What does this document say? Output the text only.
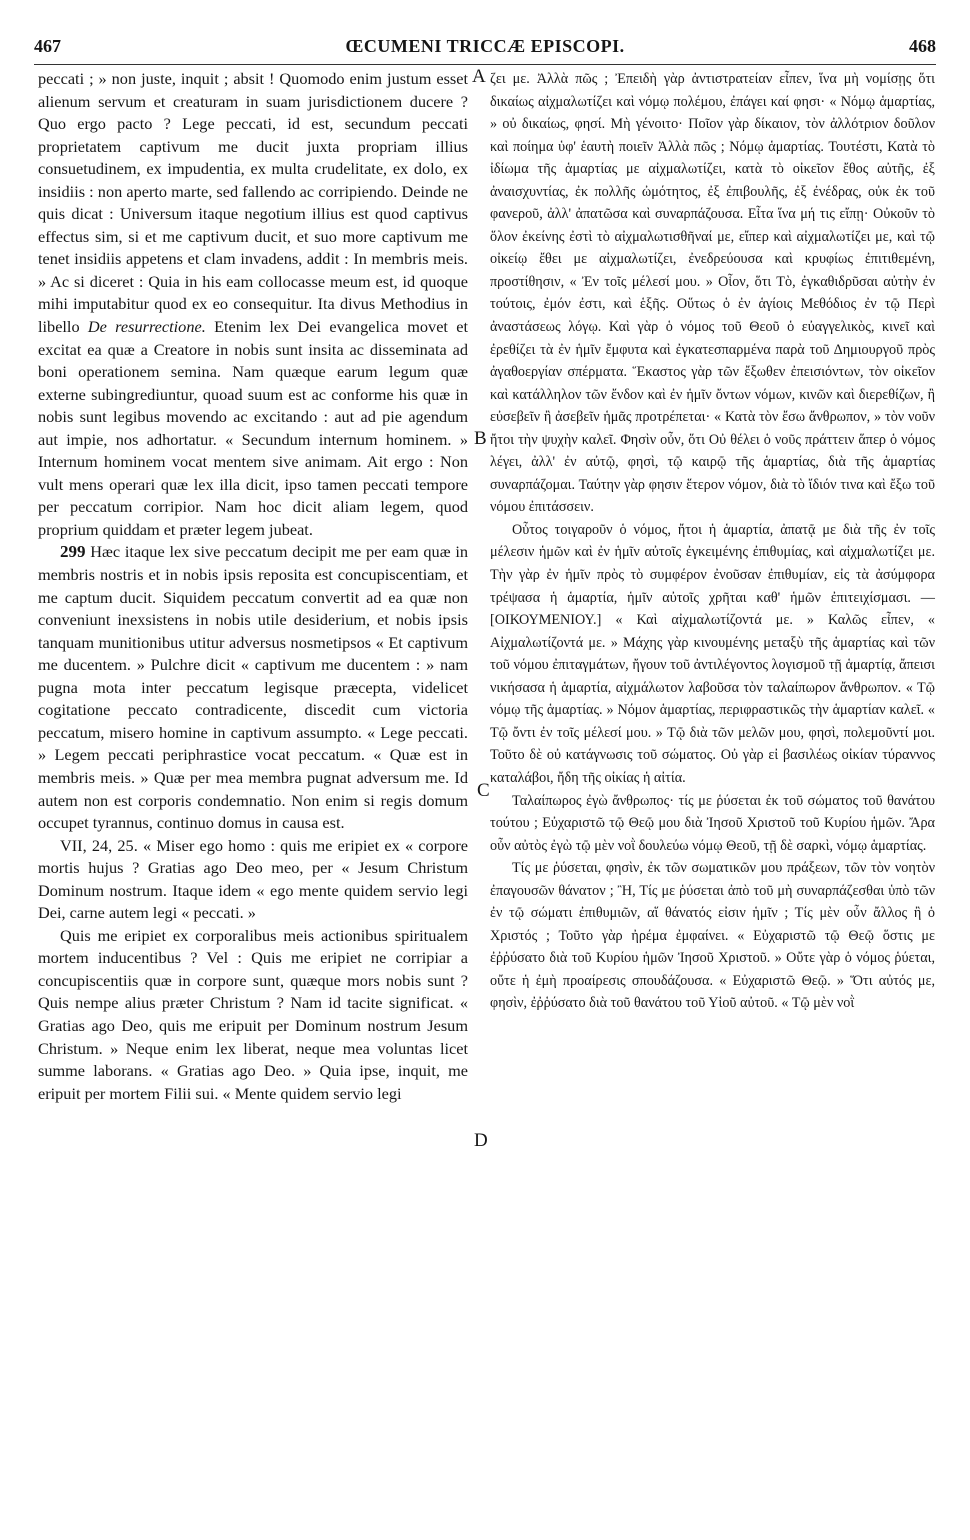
467	ŒCUMENI TRICCÆ EPISCOPI.	468

peccati ; » non juste, inquit ; absit ! Quomodo enim justum esset alienum servum et creaturam in suam jurisdictionem ducere ? Quo ergo pacto ? Lege peccati, id est, secundum peccati proprietatem captivum me ducit juxta propriam illius consuetudinem, ex impudentia, ex multa crudelitate, ex dolo, ex insidiis : non aperto marte, sed fallendo ac corripiendo. Deinde ne quis dicat : Universum itaque negotium illius est quod captivus effectus sim, si et me captivum ducit, et suo more captivum me tenet insidiis appetens et clam invadens, addit : In membris meis. » Ac si diceret : Quia in his eam collocasse meum est, id quoque mihi imputabitur quod ex eo consequitur. Ita divus Methodius in libello De resurrectione. Etenim lex Dei evangelica movet et excitat ea quæ a Creatore in nobis sunt insita ac disseminata ad boni operationem semina. Nam quæque earum legum quæ externe subingrediuntur, quoad suum est ac conforme his quæ in nobis sunt legibus movendo ac excitando : aut ad pie agendum aut impie, nos adhortatur. « Secundum internum hominem. » Internum hominem vocat mentem sive animam. Ait ergo : Non vult mens operari quæ lex illa dicit, ipso tamen peccati tempore per peccatum corripior. Nam hoc dicit aliam legem, quod proprium quiddam et præter legem jubeat.

299 Hæc itaque lex sive peccatum decipit me per eam quæ in membris nostris et in nobis ipsis reposita est concupiscentiam, et me captum ducit. Siquidem peccatum convertit ad ea quæ non conveniunt inexsistens in nobis utile desiderium, et nobis ipsis tanquam munitionibus utitur adversus nosmetipsos « Et captivum me ducentem. » Pulchre dicit « captivum me ducentem : » nam pugna mota inter peccatum legisque præcepta, videlicet cogitatione peccato contradicente, discedit cum victoria peccatum, misero homine in captivum assumpto. « Lege peccati. » Legem peccati periphrastice vocat peccatum. « Quæ est in membris meis. » Quæ per mea membra pugnat adversum me. Id autem non est corporis condemnatio. Non enim si regis domum occupet tyrannus, continuo domus in causa est.

VII, 24, 25. « Miser ego homo : quis me eripiet ex « corpore mortis hujus ? Gratias ago Deo meo, per « Jesum Christum Dominum nostrum. Itaque idem « ego mente quidem servio legi Dei, carne autem legi « peccati. »

Quis me eripiet ex corporalibus meis actionibus spiritualem mortem inducentibus ? Vel : Quis me eripiet ne corripiar a concupiscentiis quæ in corpore sunt, quæque mors nobis sunt ? Quis nempe alius præter Christum ? Nam id tacite significat. « Gratias ago Deo, quis me eripuit per Dominum nostrum Jesum Christum. » Neque enim lex liberat, neque mea voluntas licet summe laborans. « Gratias ago Deo. » Quia ipse, inquit, me eripuit per mortem Filii sui. « Mente quidem servio legi

A
B
C
D

ζει με. Ἀλλὰ πῶς ; Ἐπειδὴ γὰρ ἀντιστρατείαν εἶπεν, ἵνα μὴ νομίσῃς ὅτι δικαίως αἰχμαλωτίζει καὶ νόμῳ πολέμου, ἐπάγει καί φησι· « Νόμῳ ἁμαρτίας, » οὐ δικαίως, φησί. Μὴ γένοιτο· Ποῖον γὰρ δίκαιον, τὸν ἀλλότριον δοῦλον καὶ ποίημα ὑφ' ἑαυτὴ ποιεῖν Ἀλλὰ πῶς ; Νόμῳ ἁμαρτίας. Τουτέστι, Κατὰ τὸ ἰδίωμα τῆς ἁμαρτίας με αἰχμαλωτίζει, κατὰ τὸ οἰκεῖον ἔθος αὐτῆς, ἐξ ἀναισχυντίας, ἐκ πολλῆς ὠμότητος, ἐξ ἐπιβουλῆς, ἐξ ἐνέδρας, οὐκ ἐκ τοῦ φανεροῦ, ἀλλ' ἀπατῶσα καὶ συναρπάζουσα. Εἶτα ἵνα μή τις εἴπῃ· Οὐκοῦν τὸ ὅλον ἐκείνης ἐστὶ τὸ αἰχμαλωτισθῆναί με, εἴπερ καὶ αἰχμαλωτίζει με, καὶ τῷ οἰκείῳ ἔθει με αἰχμαλωτίζει, ἐνεδρεύουσα καὶ κρυφίως ἐπιτιθεμένη, προστίθησιν, « Ἐν τοῖς μέλεσί μου. » Οἷον, ὅτι Τὸ, ἐγκαθιδρῦσαι αὐτὴν ἐν τούτοις, ἐμόν ἐστι, καὶ ἑξῆς. Οὕτως ὁ ἐν ἁγίοις Μεθόδιος ἐν τῷ Περὶ ἀναστάσεως λόγῳ. Καὶ γὰρ ὁ νόμος τοῦ Θεοῦ ὁ εὐαγγελικὸς, κινεῖ καὶ ἐρεθίζει τὰ ἐν ἡμῖν ἔμφυτα καὶ ἐγκατεσπαρμένα παρὰ τοῦ Δημιουργοῦ πρὸς ἀγαθοεργίαν σπέρματα. Ἕκαστος γὰρ τῶν ἔξωθεν ἐπεισιόντων, τὸν οἰκεῖον καὶ κατάλληλον τῶν ἔνδον καὶ ἐν ἡμῖν ὄντων νόμων, κινῶν καὶ διερεθίζων, ἢ εὐσεβεῖν ἢ ἀσεβεῖν ἡμᾶς προτρέπεται· « Κατὰ τὸν ἔσω ἄνθρωπον, » τὸν νοῦν ἤτοι τὴν ψυχὴν καλεῖ. Φησὶν οὖν, ὅτι Οὐ θέλει ὁ νοῦς πράττειν ἅπερ ὁ νόμος λέγει, ἀλλ' ἐν αὐτῷ, φησὶ, τῷ καιρῷ τῆς ἁμαρτίας, διὰ τῆς ἁμαρτίας συναρπάζομαι. Ταύτην γὰρ φησιν ἕτερον νόμον, διὰ τὸ ἴδιόν τινα καὶ ἔξω τοῦ νόμου ἐπιτάσσειν.

Οὗτος τοιγαροῦν ὁ νόμος, ἤτοι ἡ ἁμαρτία, ἀπατᾷ με διὰ τῆς ἐν τοῖς μέλεσιν ἡμῶν καὶ ἐν ἡμῖν αὐτοῖς ἐγκειμένης ἐπιθυμίας, καὶ αἰχμαλωτίζει με. Τὴν γὰρ ἐν ἡμῖν πρὸς τὸ συμφέρον ἐνοῦσαν ἐπιθυμίαν, εἰς τὰ ἀσύμφορα τρέψασα ἡ ἁμαρτία, ἡμῖν αὐτοῖς χρῆται καθ' ἡμῶν ἐπιτειχίσμασι. — [ΟΙΚΟΥΜΕΝΙΟΥ.] « Καὶ αἰχμαλωτίζοντά με. » Καλῶς εἶπεν, « Αἰχμαλωτίζοντά με. » Μάχης γὰρ κινουμένης μεταξὺ τῆς ἁμαρτίας καὶ τῶν τοῦ νόμου ἐπιταγμάτων, ἤγουν τοῦ ἀντιλέγοντος λογισμοῦ τῇ ἁμαρτίᾳ, ἄπεισι νικήσασα ἡ ἁμαρτία, αἰχμάλωτον λαβοῦσα τὸν ταλαίπωρον ἄνθρωπον. « Τῷ νόμῳ τῆς ἁμαρτίας. » Νόμον ἁμαρτίας, περιφραστικῶς τὴν ἁμαρτίαν καλεῖ. « Τῷ ὄντι ἐν τοῖς μέλεσί μου. » Τῷ διὰ τῶν μελῶν μου, φησὶ, πολεμοῦντί μοι. Τοῦτο δὲ οὐ κατάγνωσις τοῦ σώματος. Οὐ γὰρ εἰ βασιλέως οἰκίαν τύραννος καταλάβοι, ἤδη τῆς οἰκίας ἡ αἰτία.

Ταλαίπωρος ἐγὼ ἄνθρωπος· τίς με ῥύσεται ἐκ τοῦ σώματος τοῦ θανάτου τούτου ; Εὐχαριστῶ τῷ Θεῷ μου διὰ Ἰησοῦ Χριστοῦ τοῦ Κυρίου ἡμῶν. Ἄρα οὖν αὐτὸς ἐγὼ τῷ μὲν νοῒ δουλεύω νόμῳ Θεοῦ, τῇ δὲ σαρκὶ, νόμῳ ἁμαρτίας.

Τίς με ῥύσεται, φησὶν, ἐκ τῶν σωματικῶν μου πράξεων, τῶν τὸν νοητὸν ἐπαγουσῶν θάνατον ; Ἢ, Τίς με ῥύσεται ἀπὸ τοῦ μὴ συναρπάζεσθαι ὑπὸ τῶν ἐν τῷ σώματι ἐπιθυμιῶν, αἵ θάνατός εἰσιν ἡμῖν ; Τίς μὲν οὖν ἄλλος ἢ ὁ Χριστός ; Τοῦτο γὰρ ἠρέμα ἐμφαίνει. « Εὐχαριστῶ τῷ Θεῷ ὅστις με ἐῤῥύσατο διὰ τοῦ Κυρίου ἡμῶν Ἰησοῦ Χριστοῦ. » Οὔτε γὰρ ὁ νόμος ῥύεται, οὔτε ἡ ἐμὴ προαίρεσις σπουδάζουσα. « Εὐχαριστῶ Θεῷ. » Ὅτι αὐτός με, φησὶν, ἐῤῥύσατο διὰ τοῦ θανάτου τοῦ Υἱοῦ αὐτοῦ. « Τῷ μὲν νοῒ
